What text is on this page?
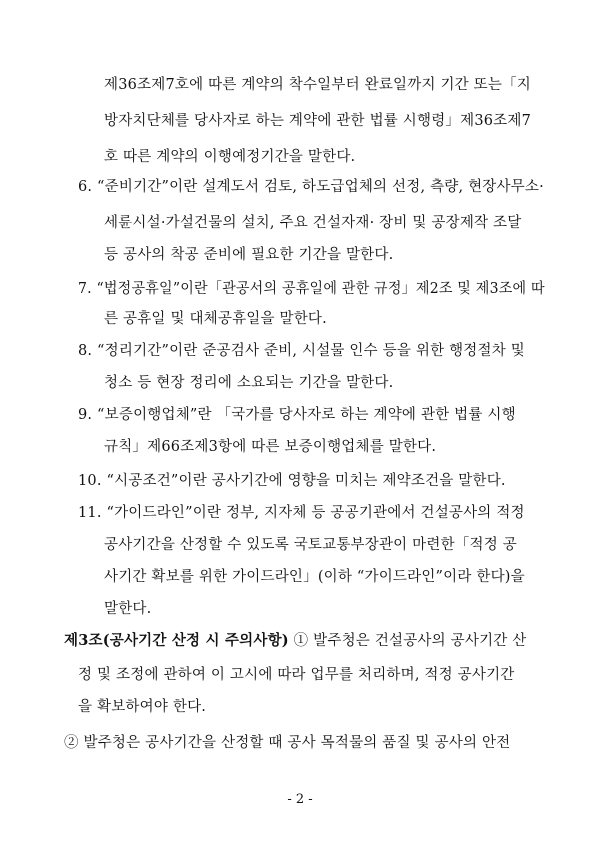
제36조제7호에 따른 계약의 착수일부터 완료일까지 기간 또는「지
방자치단체를 당사자로 하는 계약에 관한 법률 시행령」제36조제7
호 따른 계약의 이행예정기간을 말한다.
6. “준비기간”이란 설계도서 검토, 하도급업체의 선정, 측량, 현장사무소·
세륜시설·가설건물의 설치, 주요 건설자재· 장비 및 공장제작 조달
등 공사의 착공 준비에 필요한 기간을 말한다.
7. “법정공휴일”이란「관공서의 공휴일에 관한 규정」제2조 및 제3조에 따
른 공휴일 및 대체공휴일을 말한다.
8. “정리기간”이란 준공검사 준비, 시설물 인수 등을 위한 행정절차 및
청소 등 현장 정리에 소요되는 기간을 말한다.
9. “보증이행업체”란 「국가를 당사자로 하는 계약에 관한 법률 시행
규칙」제66조제3항에 따른 보증이행업체를 말한다.
10. “시공조건”이란 공사기간에 영향을 미치는 제약조건을 말한다.
11. “가이드라인”이란 정부, 지자체 등 공공기관에서 건설공사의 적정
공사기간을 산정할 수 있도록 국토교통부장관이 마련한「적정 공
사기간 확보를 위한 가이드라인」(이하 “가이드라인”이라 한다)을
말한다.
제3조(공사기간 산정 시 주의사항) ① 발주청은 건설공사의 공사기간 산
정 및 조정에 관하여 이 고시에 따라 업무를 처리하며, 적정 공사기간
을 확보하여야 한다.
② 발주청은 공사기간을 산정할 때 공사 목적물의 품질 및 공사의 안전
- 2 -
